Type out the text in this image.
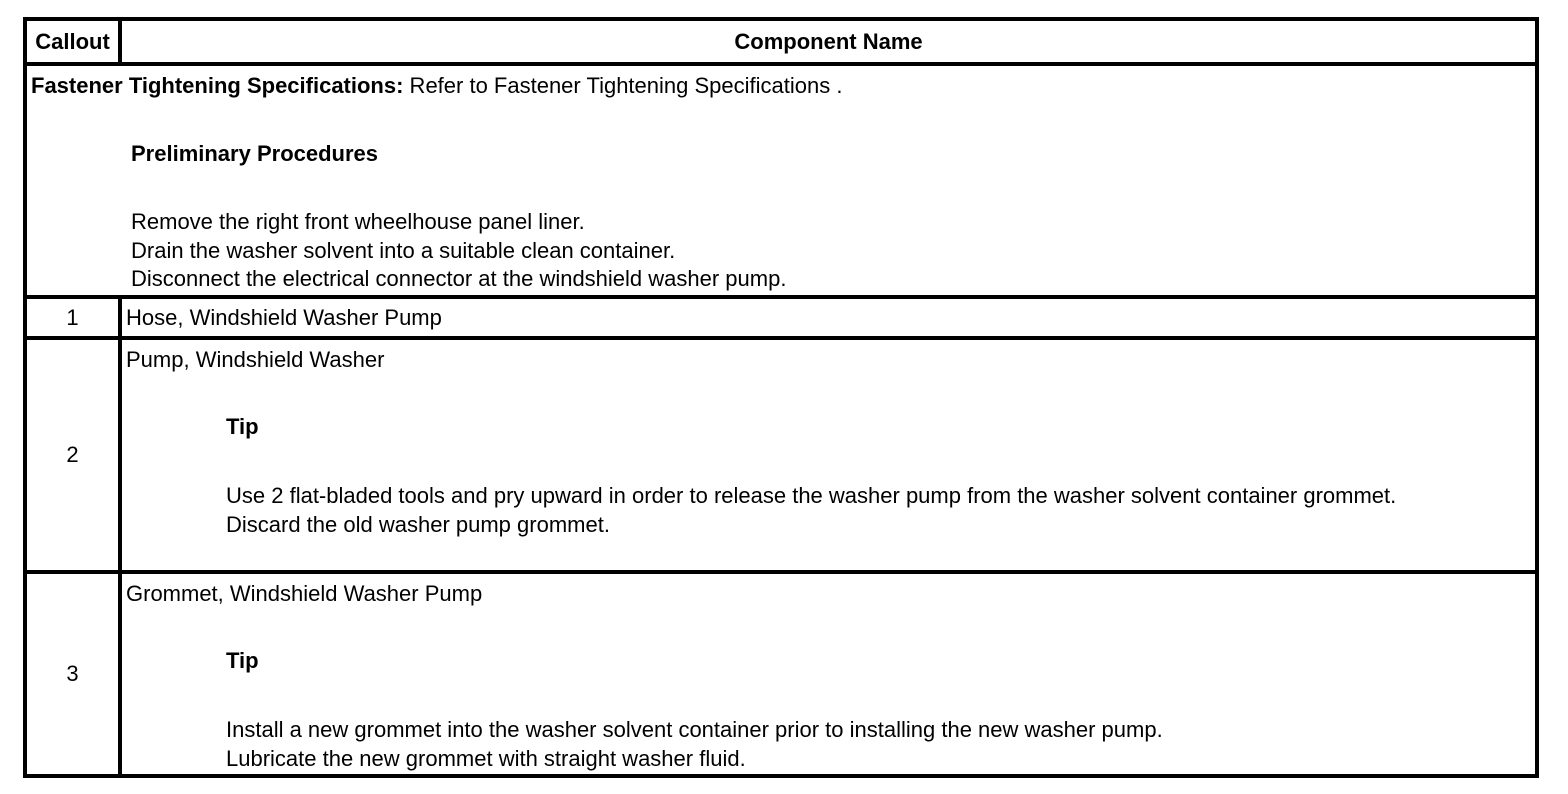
Callout	Component Name
Fastener Tightening Specifications: Refer to Fastener Tightening Specifications .
Preliminary Procedures
Remove the right front wheelhouse panel liner.
Drain the washer solvent into a suitable clean container.
Disconnect the electrical connector at the windshield washer pump.
1	Hose, Windshield Washer Pump
2
Pump, Windshield Washer
Tip
Use 2 flat-bladed tools and pry upward in order to release the washer pump from the washer solvent container grommet.
Discard the old washer pump grommet.
3
Grommet, Windshield Washer Pump
Tip
Install a new grommet into the washer solvent container prior to installing the new washer pump.
Lubricate the new grommet with straight washer fluid.
